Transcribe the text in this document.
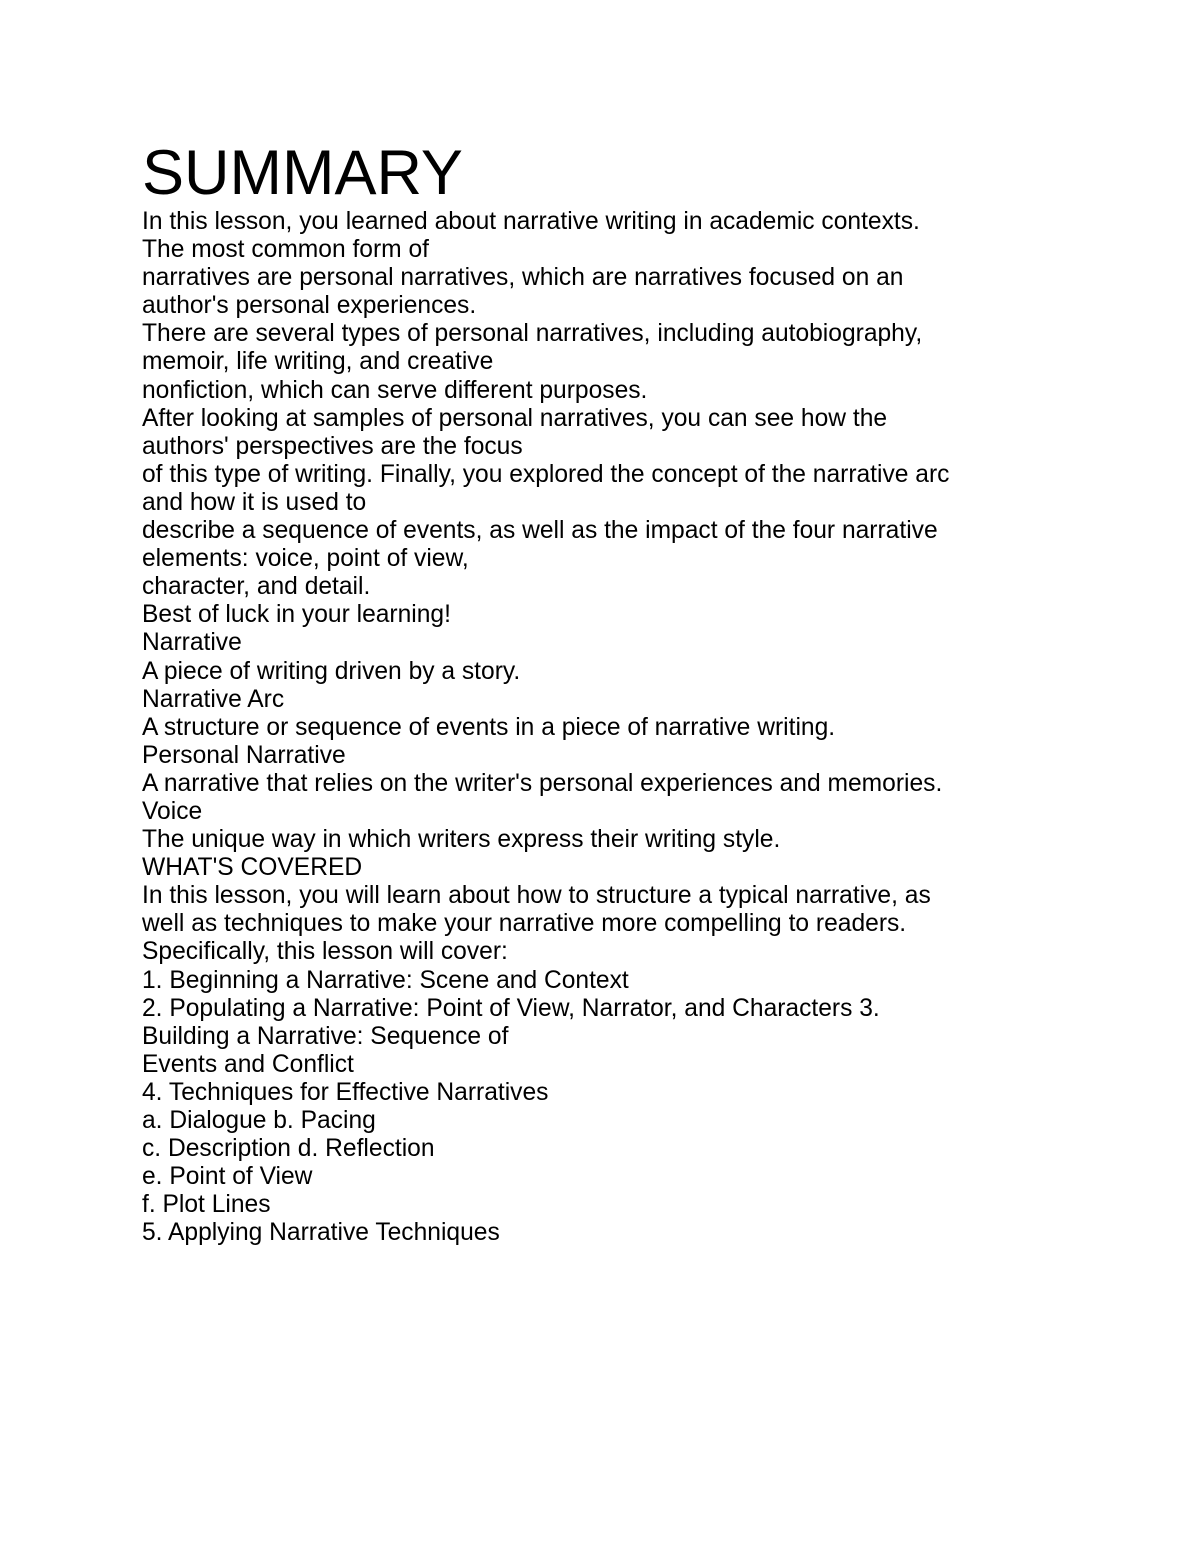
SUMMARY
In this lesson, you learned about narrative writing in academic contexts.
The most common form of
narratives are personal narratives, which are narratives focused on an
author's personal experiences.
There are several types of personal narratives, including autobiography,
memoir, life writing, and creative
nonfiction, which can serve different purposes.
After looking at samples of personal narratives, you can see how the
authors' perspectives are the focus
of this type of writing. Finally, you explored the concept of the narrative arc
and how it is used to
describe a sequence of events, as well as the impact of the four narrative
elements: voice, point of view,
character, and detail.
Best of luck in your learning!
Narrative
A piece of writing driven by a story.
Narrative Arc
A structure or sequence of events in a piece of narrative writing.
Personal Narrative
A narrative that relies on the writer's personal experiences and memories.
Voice
The unique way in which writers express their writing style.
WHAT'S COVERED
In this lesson, you will learn about how to structure a typical narrative, as
well as techniques to make your narrative more compelling to readers.
Specifically, this lesson will cover:
1. Beginning a Narrative: Scene and Context
2. Populating a Narrative: Point of View, Narrator, and Characters 3.
Building a Narrative: Sequence of
Events and Conflict
4. Techniques for Effective Narratives
a. Dialogue b. Pacing
c. Description d. Reflection
e. Point of View
f. Plot Lines
5. Applying Narrative Techniques
